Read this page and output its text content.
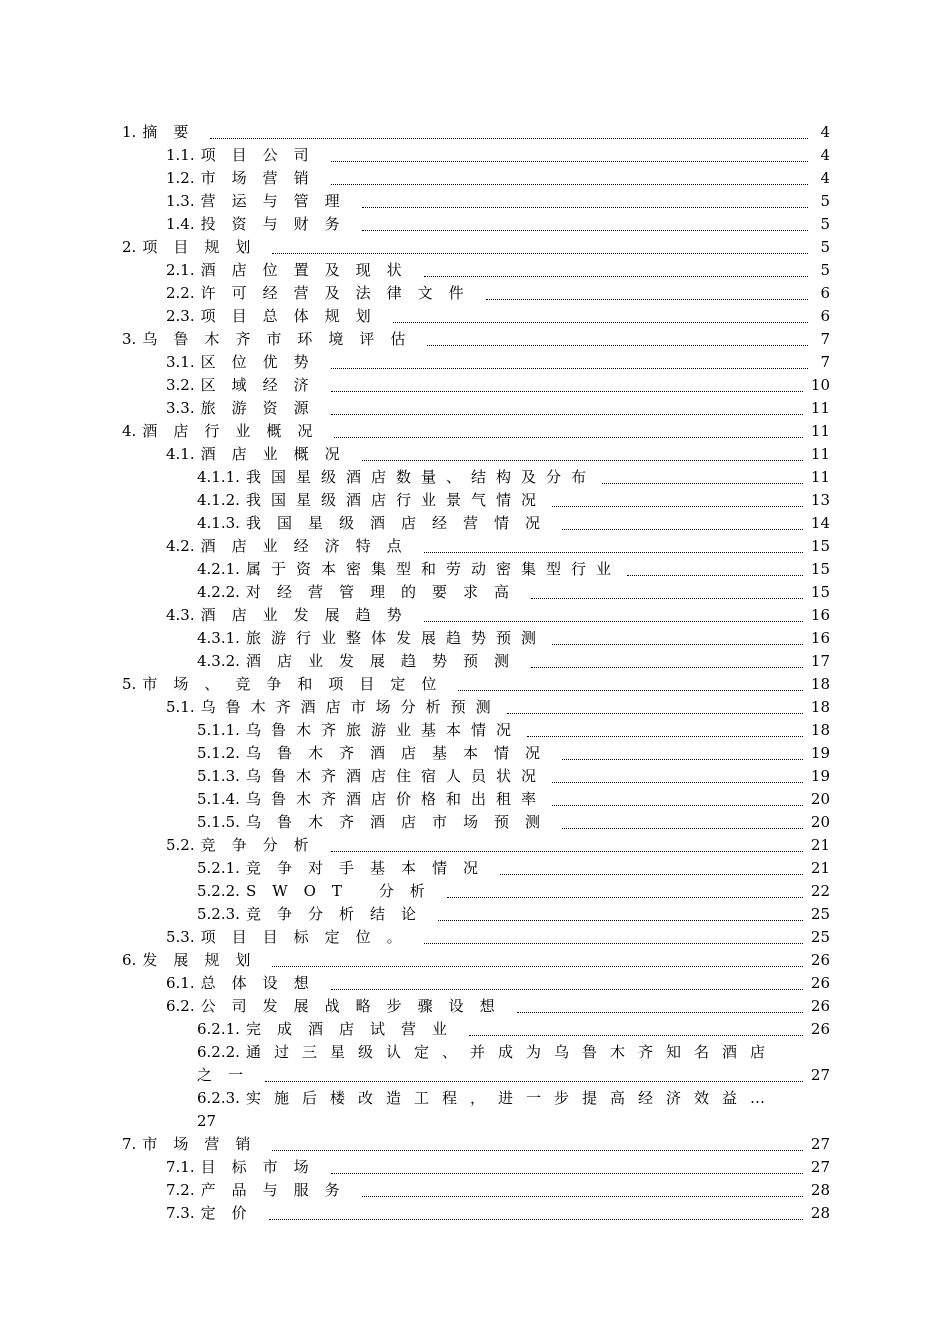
1. 摘要	4
1.1. 项目公司	4
1.2. 市场营销	4
1.3. 营运与管理	5
1.4. 投资与财务	5
2. 项目规划	5
2.1. 酒店位置及现状	5
2.2. 许可经营及法律文件	6
2.3. 项目总体规划	6
3. 乌鲁木齐市环境评估	7
3.1. 区位优势	7
3.2. 区域经济	10
3.3. 旅游资源	11
4. 酒店行业概况	11
4.1. 酒店业概况	11
4.1.1. 我国星级酒店数量、结构及分布	11
4.1.2. 我国星级酒店行业景气情况	13
4.1.3. 我国星级酒店经营情况	14
4.2. 酒店业经济特点	15
4.2.1. 属于资本密集型和劳动密集型行业	15
4.2.2. 对经营管理的要求高	15
4.3. 酒店业发展趋势	16
4.3.1. 旅游行业整体发展趋势预测	16
4.3.2. 酒店业发展趋势预测	17
5. 市场、竞争和项目定位	18
5.1. 乌鲁木齐酒店市场分析预测	18
5.1.1. 乌鲁木齐旅游业基本情况	18
5.1.2. 乌鲁木齐酒店基本情况	19
5.1.3. 乌鲁木齐酒店住宿人员状况	19
5.1.4. 乌鲁木齐酒店价格和出租率	20
5.1.5. 乌鲁木齐酒店市场预测	20
5.2. 竞争分析	21
5.2.1. 竞争对手基本情况	21
5.2.2. SWOT 分析	22
5.2.3. 竞争分析结论	25
5.3. 项目目标定位。	25
6. 发展规划	26
6.1. 总体设想	26
6.2. 公司发展战略步骤设想	26
6.2.1. 完成酒店试营业	26
6.2.2. 通过三星级认定、并成为乌鲁木齐知名酒店
之一	27
6.2.3. 实施后楼改造工程，进一步提高经济效益…
27
7. 市场营销	27
7.1. 目标市场	27
7.2. 产品与服务	28
7.3. 定价	28
